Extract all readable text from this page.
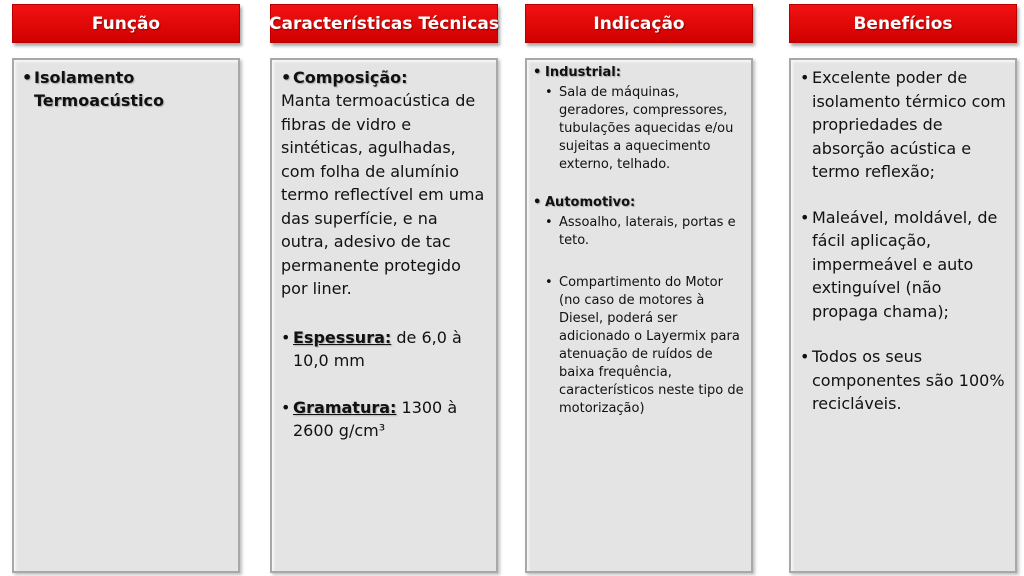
Função
• Isolamento Termoacústico
Características Técnicas
• Composição:
Manta termoacústica de fibras de vidro e sintéticas, agulhadas, com folha de alumínio termo reflectível em uma das superfície, e na outra, adesivo de tac permanente protegido por liner.
• Espessura: de 6,0 à 10,0 mm
• Gramatura: 1300 à 2600 g/cm³
Indicação
• Industrial:
• Sala de máquinas, geradores, compressores, tubulações aquecidas e/ou sujeitas a aquecimento externo, telhado.
• Automotivo:
• Assoalho, laterais, portas e teto.
• Compartimento do Motor (no caso de motores à Diesel, poderá ser adicionado o Layermix para atenuação de ruídos de baixa frequência, característicos neste tipo de motorização)
Benefícios
• Excelente poder de isolamento térmico com propriedades de absorção acústica e termo reflexão;
• Maleável, moldável, de fácil aplicação, impermeável e auto extinguível (não propaga chama);
• Todos os seus componentes são 100% recicláveis.
